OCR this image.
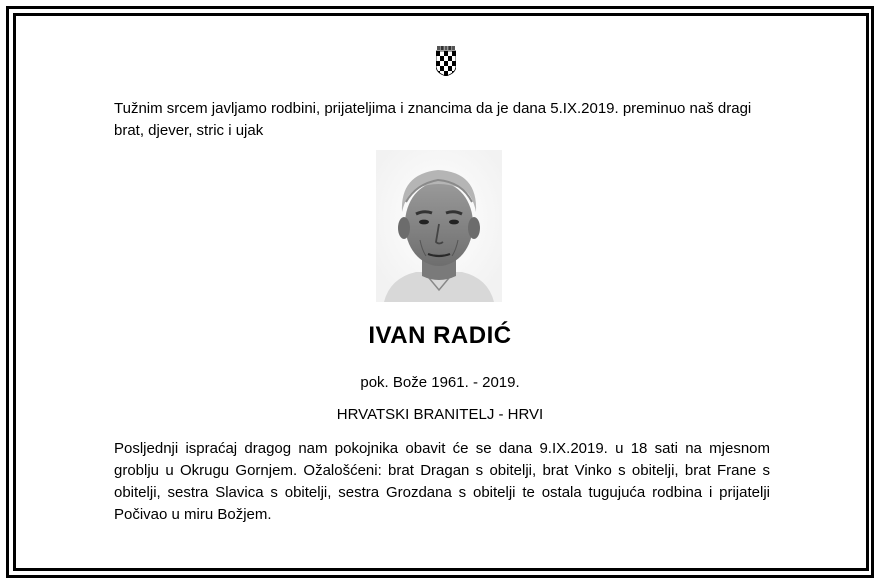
Tužnim srcem javljamo rodbini, prijateljima i znancima da je dana 5.IX.2019. preminuo naš dragi brat, djever, stric i ujak
IVAN RADIĆ
pok. Bože 1961. - 2019.
HRVATSKI BRANITELJ - HRVI
Posljednji ispraćaj dragog nam pokojnika obavit će se dana 9.IX.2019. u 18 sati na mjesnom groblju u Okrugu Gornjem. Ožalošćeni: brat Dragan s obitelji, brat Vinko s obitelji, brat Frane s obitelji, sestra Slavica s obitelji, sestra Grozdana s obitelji te ostala tugujuća rodbina i prijatelji Počivao u miru Božjem.
